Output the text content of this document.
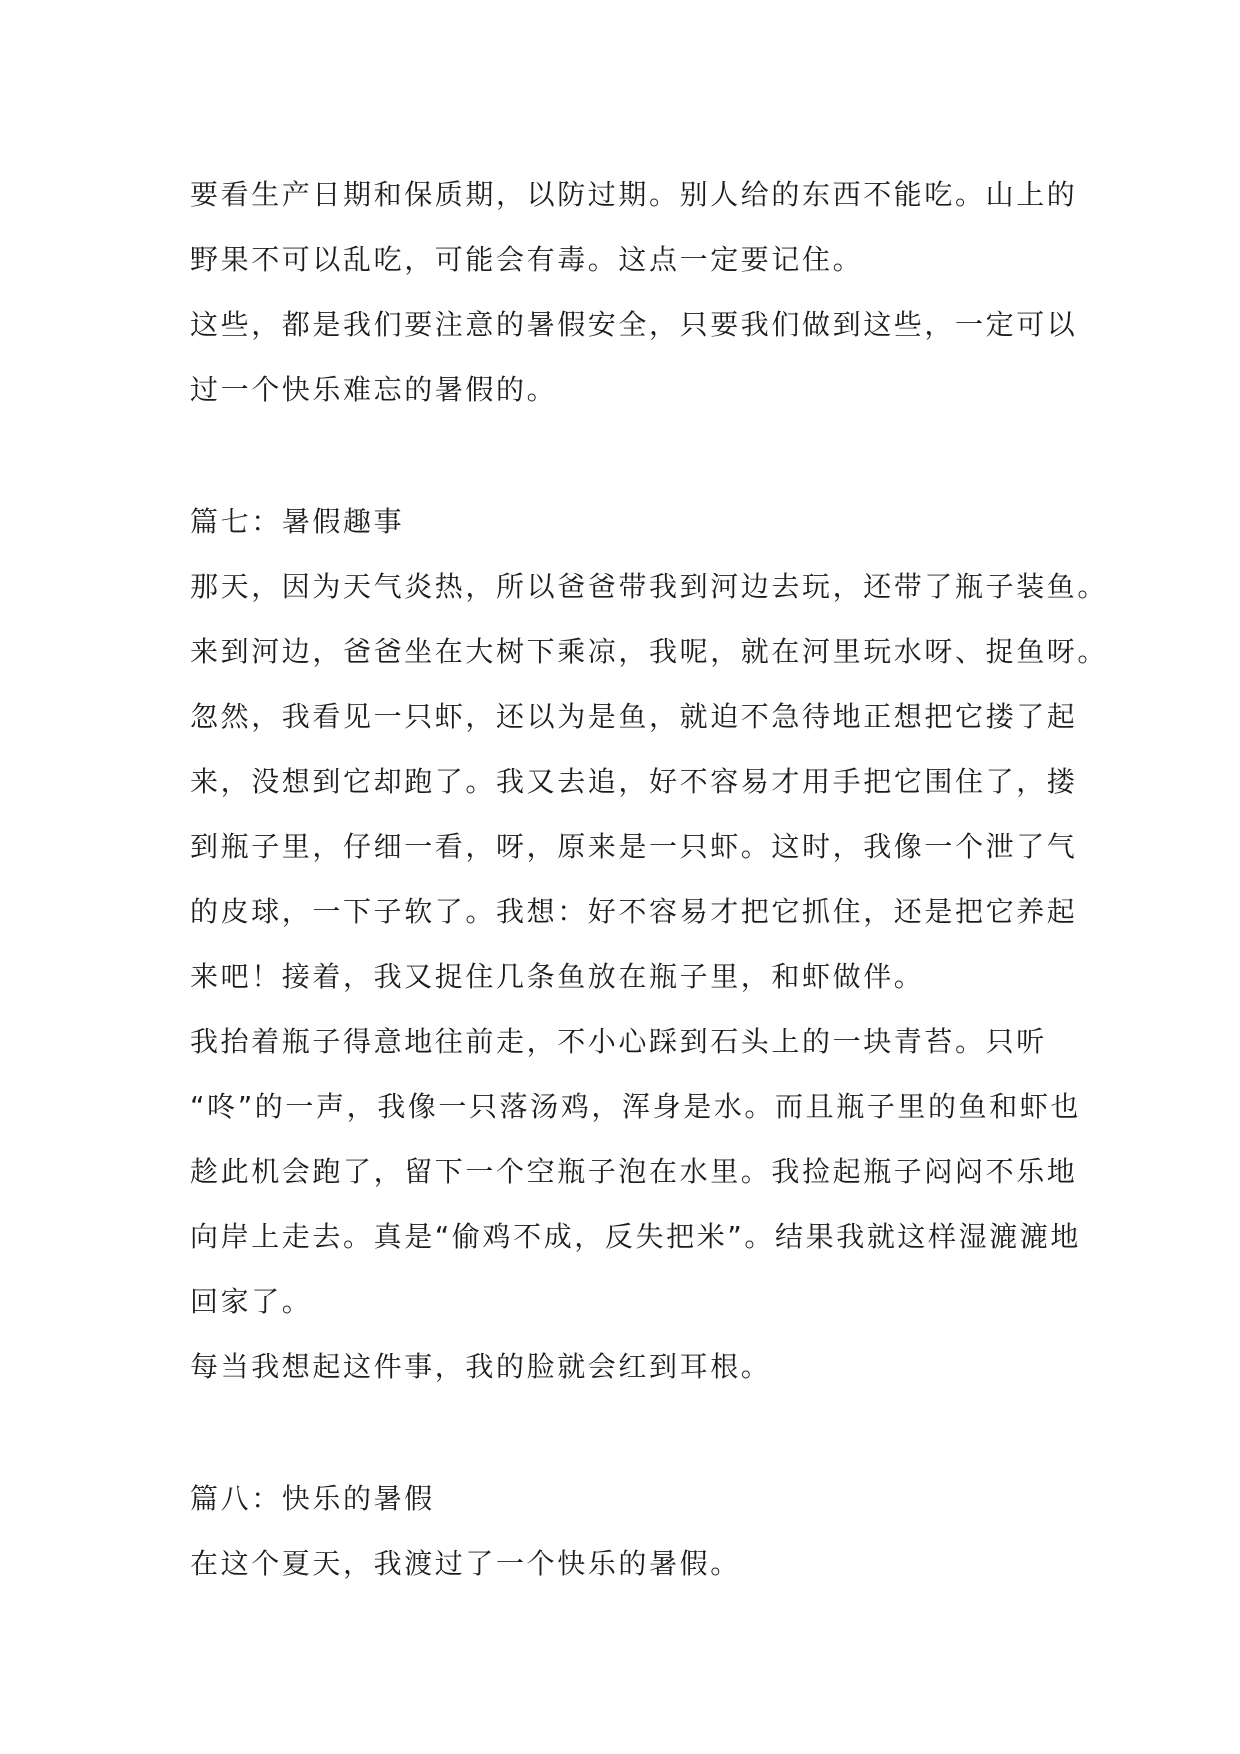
要看生产日期和保质期，以防过期。别人给的东西不能吃。山上的
野果不可以乱吃，可能会有毒。这点一定要记住。
这些，都是我们要注意的暑假安全，只要我们做到这些，一定可以
过一个快乐难忘的暑假的。
篇七：暑假趣事
那天，因为天气炎热，所以爸爸带我到河边去玩，还带了瓶子装鱼。
来到河边，爸爸坐在大树下乘凉，我呢，就在河里玩水呀、捉鱼呀。
忽然，我看见一只虾，还以为是鱼，就迫不急待地正想把它搂了起
来，没想到它却跑了。我又去追，好不容易才用手把它围住了，搂
到瓶子里，仔细一看，呀，原来是一只虾。这时，我像一个泄了气
的皮球，一下子软了。我想：好不容易才把它抓住，还是把它养起
来吧！接着，我又捉住几条鱼放在瓶子里，和虾做伴。
我抬着瓶子得意地往前走，不小心踩到石头上的一块青苔。只听
“咚”的一声，我像一只落汤鸡，浑身是水。而且瓶子里的鱼和虾也
趁此机会跑了，留下一个空瓶子泡在水里。我捡起瓶子闷闷不乐地
向岸上走去。真是“偷鸡不成，反失把米”。结果我就这样湿漉漉地
回家了。
每当我想起这件事，我的脸就会红到耳根。
篇八：快乐的暑假
在这个夏天，我渡过了一个快乐的暑假。
